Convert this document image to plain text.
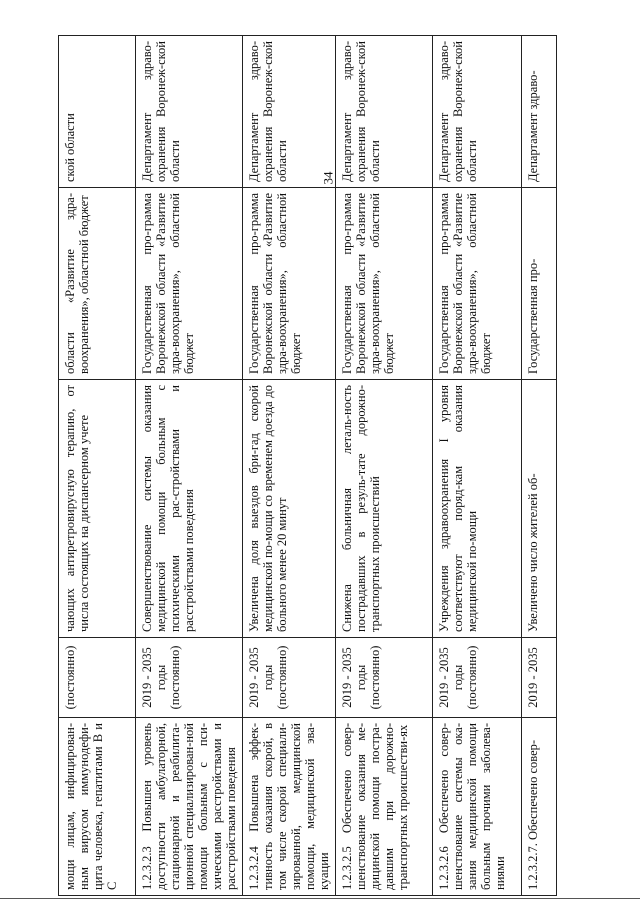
34
мощи лицам, инфицирован-ным вирусом иммунодефи-цита человека, гепатитами В и С	(постоянно)	чающих антиретровирусную терапию, от числа состоящих на диспансерном учете	области «Развитие здра-воохранения», областной бюджет	ской области
1.2.3.2.3 Повышен уровень доступности амбулаторной, стационарной и реабилита-ционной специализирован-ной помощи больным с пси-хическими расстройствами и расстройствами поведения	2019 - 2035 годы (постоянно)	Совершенствование системы оказания медицинской помощи больным с психическими рас-стройствами и расстройствами поведения	Государственная про-грамма Воронежской области «Развитие здра-воохранения», областной бюджет	Департамент здраво-охранения Воронеж-ской области
1.2.3.2.4 Повышена эффек-тивность оказания скорой, в том числе скорой специали-зированной, медицинской помощи, медицинской эва-куации	2019 - 2035 годы (постоянно)	Увеличена доля выездов бри-гад скорой медицинской по-мощи со временем доезда до больного менее 20 минут	Государственная про-грамма Воронежской области «Развитие здра-воохранения», областной бюджет	Департамент здраво-охранения Воронеж-ской области
1.2.3.2.5 Обеспечено совер-шенствование оказания ме-дицинской помощи постра-давшим при дорожно-транспортных происшестви-ях	2019 - 2035 годы (постоянно)	Снижена больничная леталь-ность пострадавших в резуль-тате дорожно-транспортных происшествий	Государственная про-грамма Воронежской области «Развитие здра-воохранения», областной бюджет	Департамент здраво-охранения Воронеж-ской области
1.2.3.2.6 Обеспечено совер-шенствование системы ока-зания медицинской помощи больным прочими заболева-ниями	2019 - 2035 годы (постоянно)	Учреждения здравоохранения I уровня соответствуют поряд-кам оказания медицинской по-мощи	Государственная про-грамма Воронежской области «Развитие здра-воохранения», областной бюджет	Департамент здраво-охранения Воронеж-ской области
1.2.3.2.7. Обеспечено совер-	2019 - 2035	Увеличено число жителей об-	Государственная про-	Департамент здраво-
